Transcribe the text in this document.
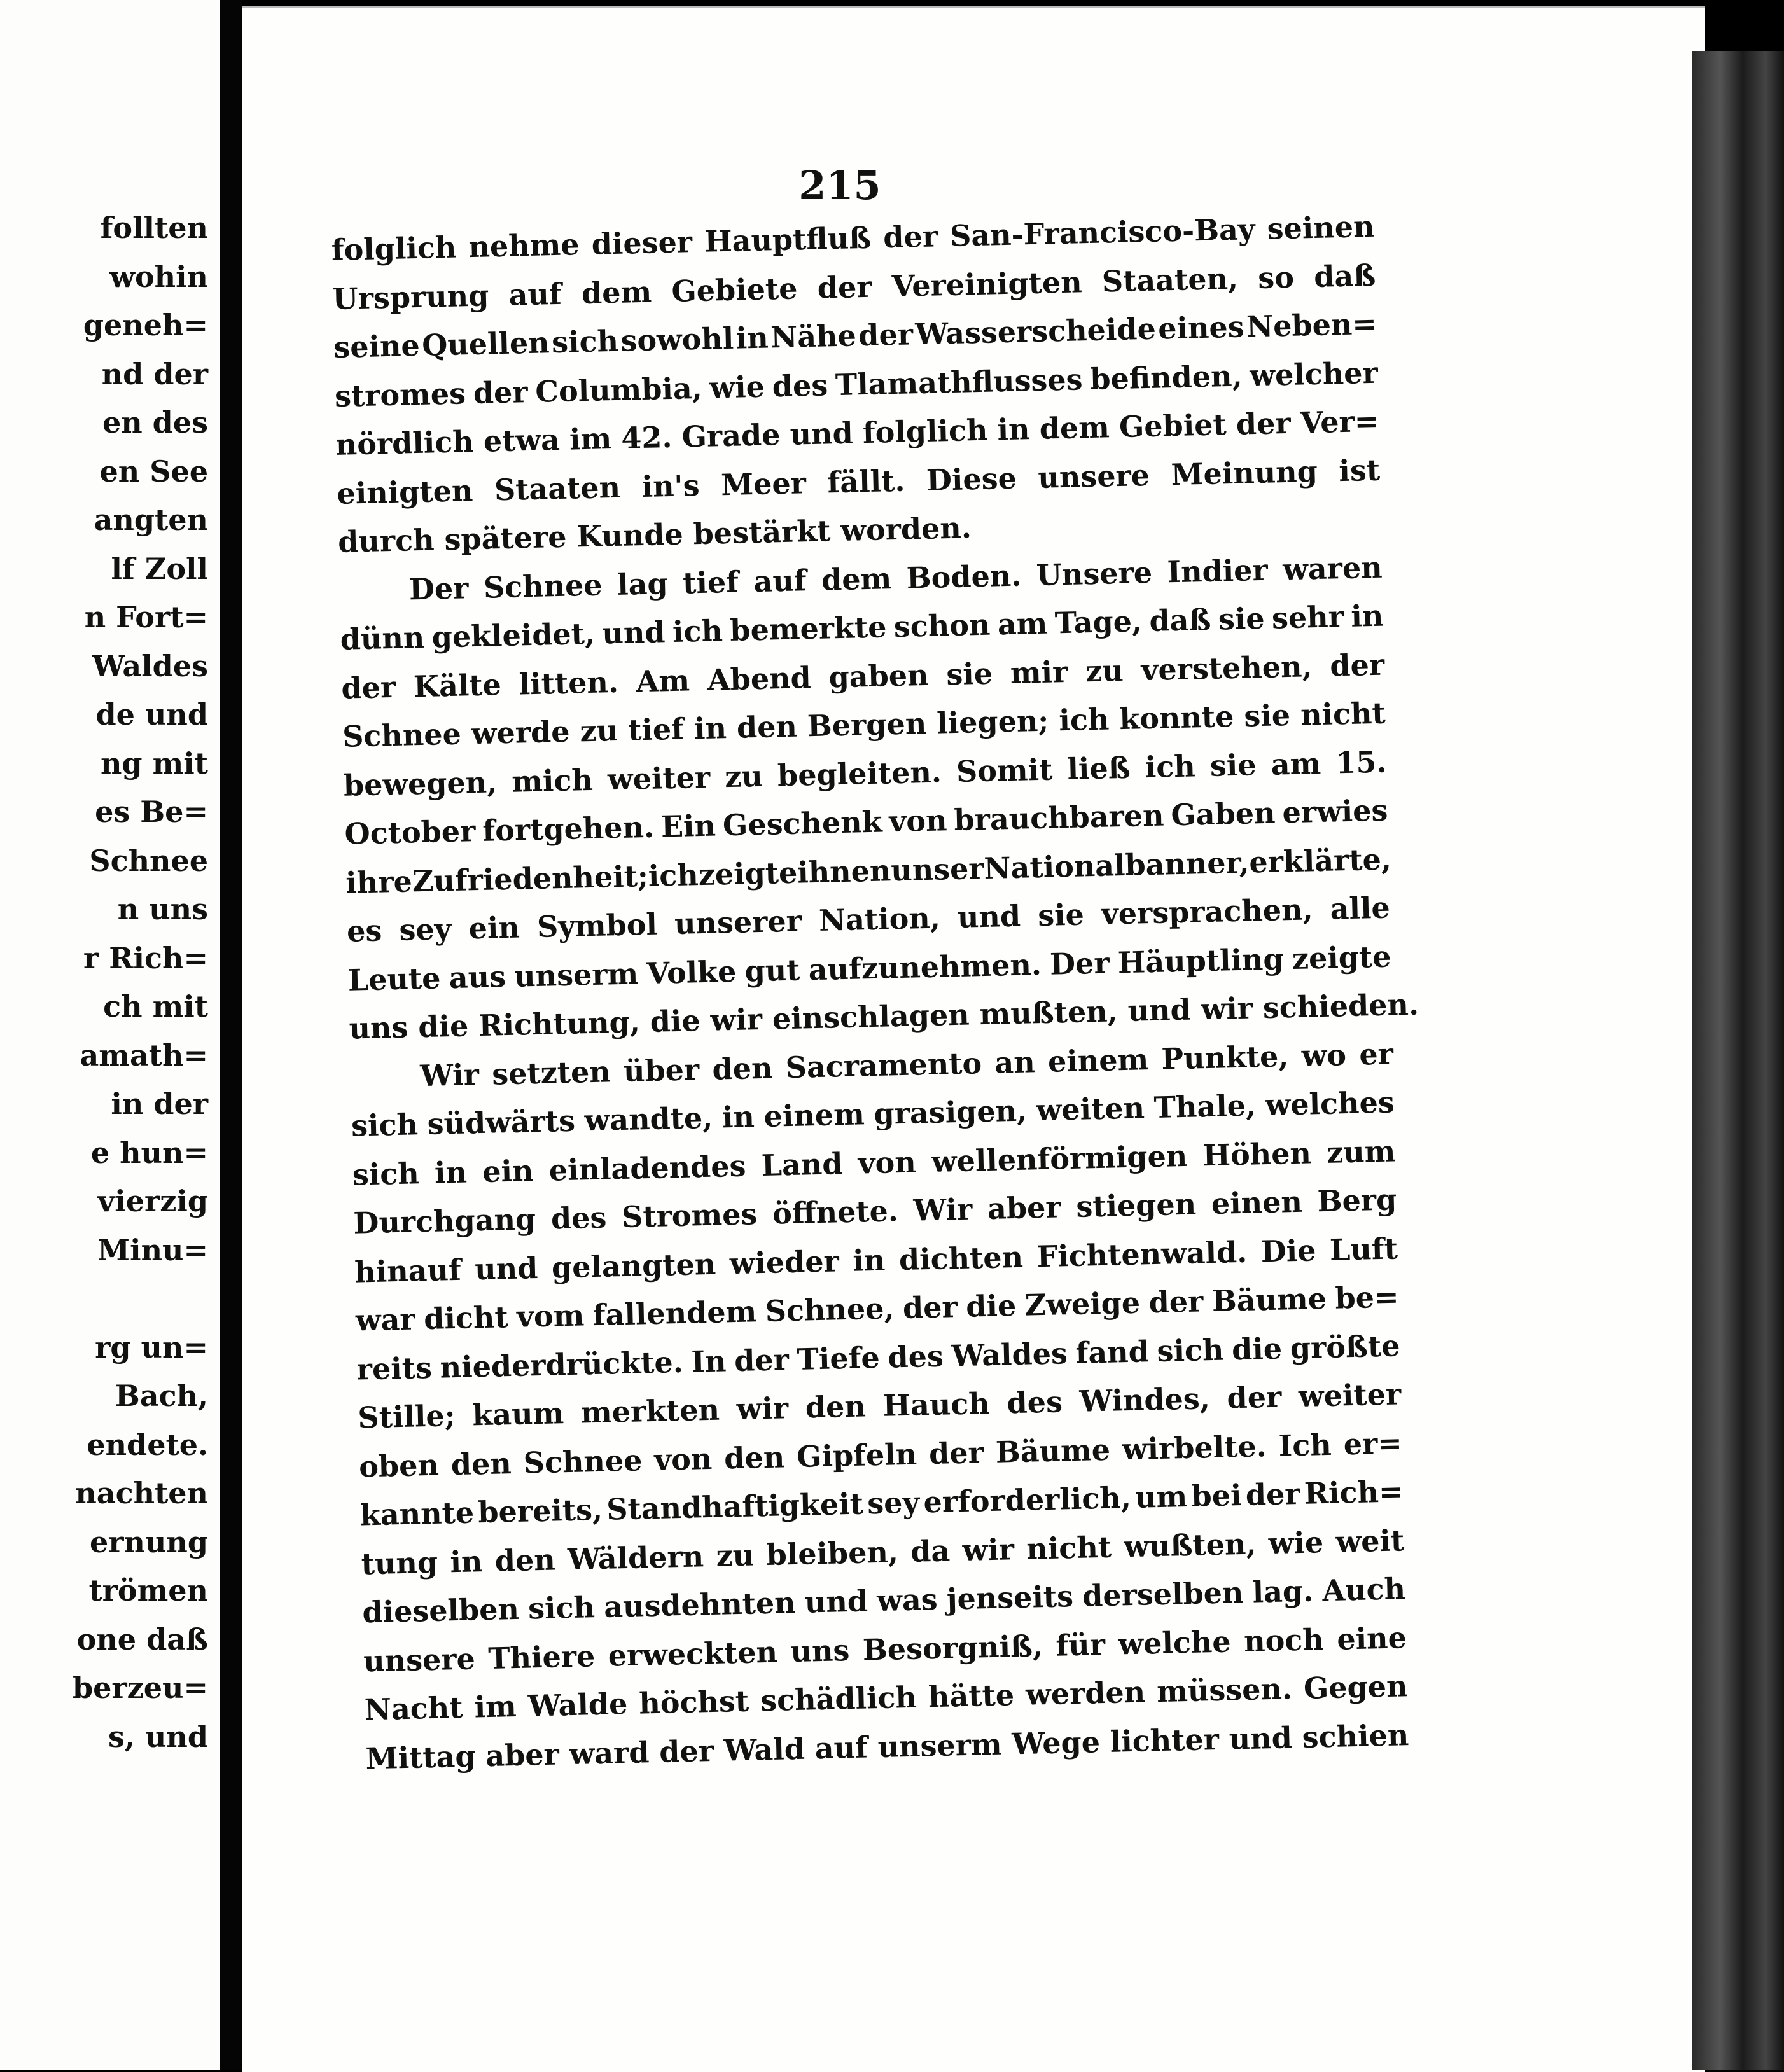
follten
wohin
geneh=
nd der
en des
en See
angten
lf Zoll
n Fort=
Waldes
de und
ng mit
es Be=
Schnee
n uns
r Rich=
ch mit
amath=
in der
e hun=
vierzig
Minu=

rg un=
Bach,
endete.
nachten
ernung
trömen
one daß
berzeu=
s, und
215
folglich nehme dieser Hauptfluß der San-Francisco-Bay seinen
Ursprung auf dem Gebiete der Vereinigten Staaten, so daß
seine Quellen sich sowohl in Nähe der Wasserscheide eines Neben=
stromes der Columbia, wie des Tlamathflusses befinden, welcher
nördlich etwa im 42. Grade und folglich in dem Gebiet der Ver=
einigten Staaten in's Meer fällt. Diese unsere Meinung ist
durch
spätere
Kunde
bestärkt
worden.
Der Schnee lag tief auf dem Boden. Unsere Indier waren
dünn gekleidet, und ich bemerkte schon am Tage, daß sie sehr in
der Kälte litten. Am Abend gaben sie mir zu verstehen, der
Schnee werde zu tief in den Bergen liegen; ich konnte sie nicht
bewegen, mich weiter zu begleiten. Somit ließ ich sie am 15.
October fortgehen. Ein Geschenk von brauchbaren Gaben erwies
ihre
Zufriedenheit;
ich
zeigte
ihnen
unser
Nationalbanner,
erklärte,
es sey ein Symbol unserer Nation, und sie versprachen, alle
Leute aus unserm Volke gut aufzunehmen. Der Häuptling zeigte
uns
die
Richtung,
die
wir
einschlagen
mußten,
und
wir
schieden.
Wir setzten über den Sacramento an einem Punkte, wo er
sich südwärts wandte, in einem grasigen, weiten Thale, welches
sich in ein einladendes Land von wellenförmigen Höhen zum
Durchgang des Stromes öffnete. Wir aber stiegen einen Berg
hinauf und gelangten wieder in dichten Fichtenwald. Die Luft
war dicht vom fallendem Schnee, der die Zweige der Bäume be=
reits niederdrückte. In der Tiefe des Waldes fand sich die größte
Stille; kaum merkten wir den Hauch des Windes, der weiter
oben den Schnee von den Gipfeln der Bäume wirbelte. Ich er=
kannte bereits, Standhaftigkeit sey erforderlich, um bei der Rich=
tung in den Wäldern zu bleiben, da wir nicht wußten, wie weit
dieselben sich ausdehnten und was jenseits derselben lag. Auch
unsere Thiere erweckten uns Besorgniß, für welche noch eine
Nacht im Walde höchst schädlich hätte werden müssen. Gegen
Mittag aber ward der Wald auf unserm Wege lichter und schien
